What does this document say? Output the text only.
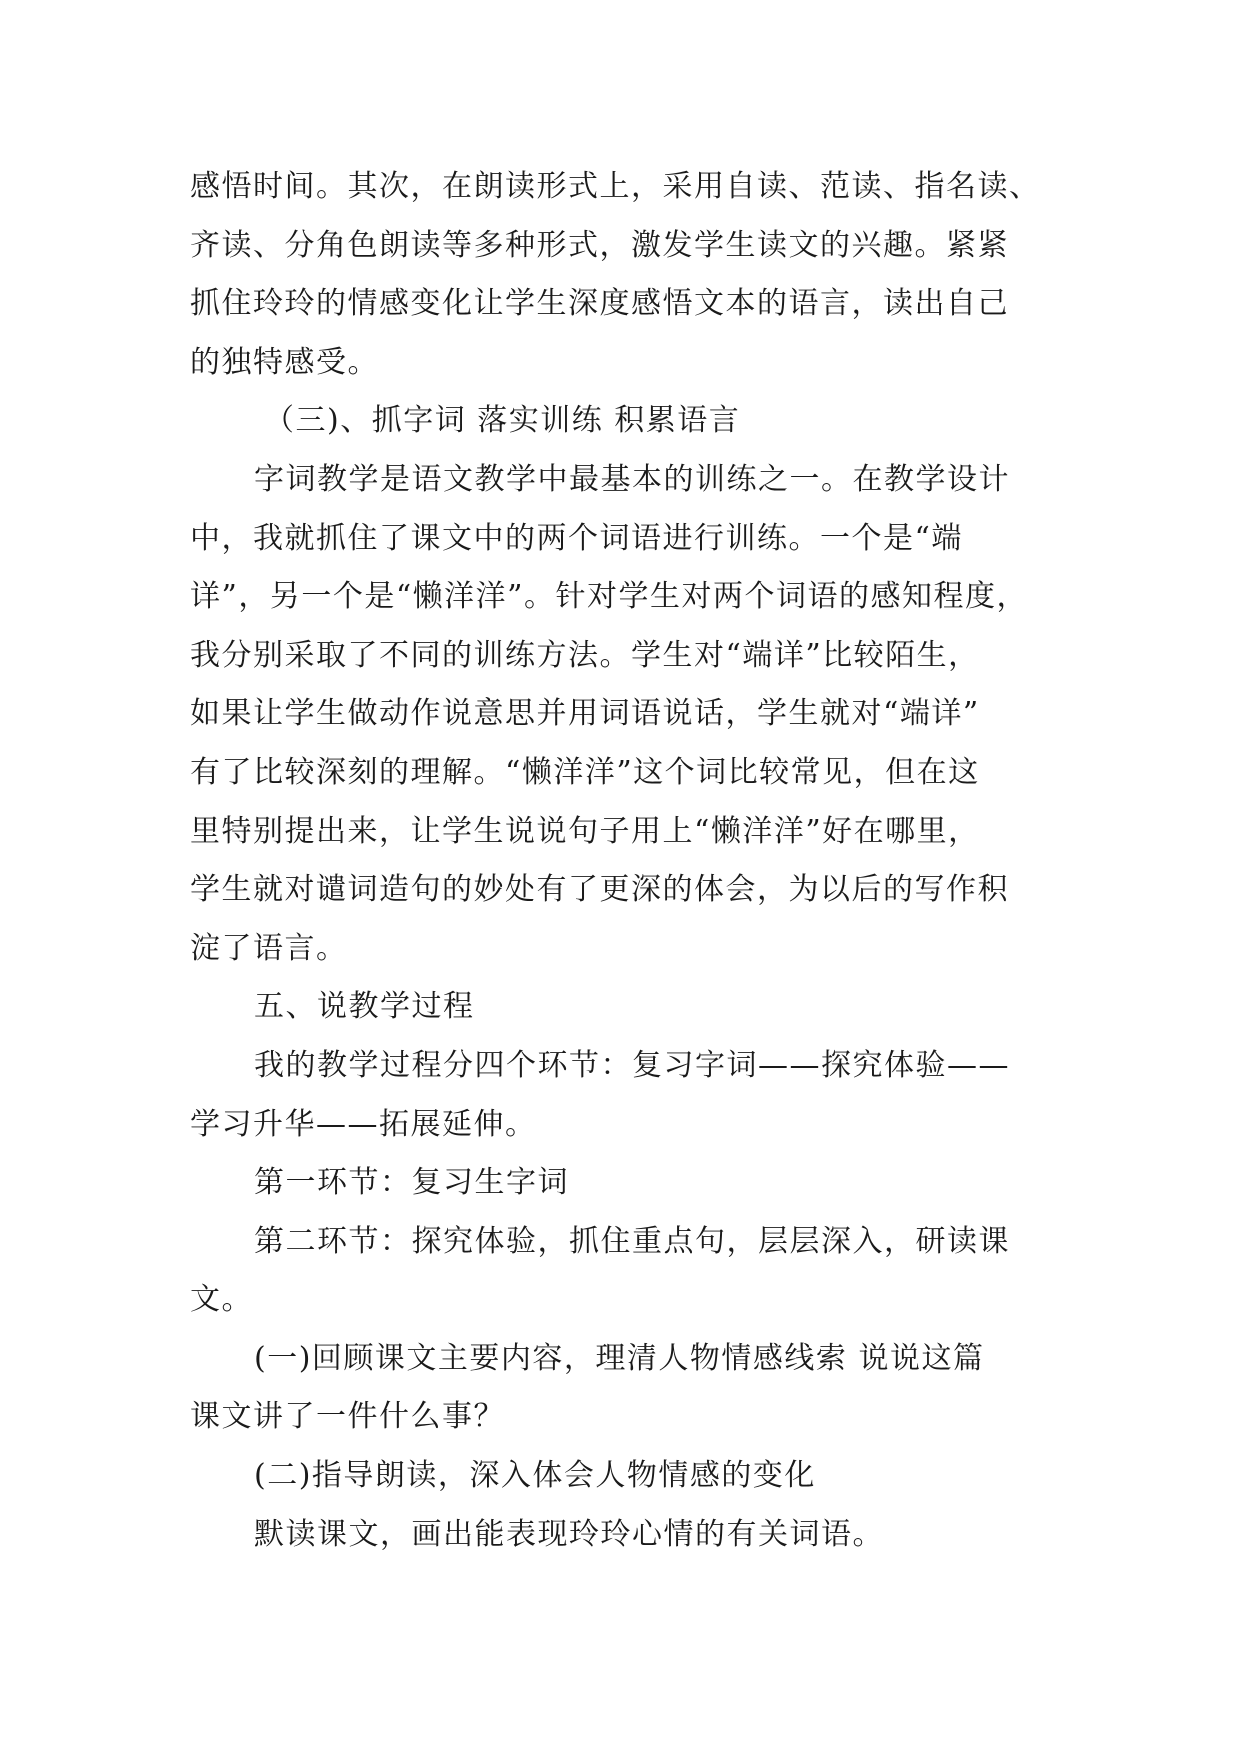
感悟时间。其次，在朗读形式上，采用自读、范读、指名读、
齐读、分角色朗读等多种形式，激发学生读文的兴趣。紧紧
抓住玲玲的情感变化让学生深度感悟文本的语言，读出自己
的独特感受。
（三)、抓字词 落实训练 积累语言
字词教学是语文教学中最基本的训练之一。在教学设计
中，我就抓住了课文中的两个词语进行训练。一个是“端
详”，另一个是“懒洋洋”。针对学生对两个词语的感知程度，
我分别采取了不同的训练方法。学生对“端详”比较陌生，
如果让学生做动作说意思并用词语说话，学生就对“端详”
有了比较深刻的理解。“懒洋洋”这个词比较常见，但在这
里特别提出来，让学生说说句子用上“懒洋洋”好在哪里，
学生就对谴词造句的妙处有了更深的体会，为以后的写作积
淀了语言。
五、说教学过程
我的教学过程分四个环节：复习字词——探究体验——
学习升华——拓展延伸。
第一环节：复习生字词
第二环节：探究体验，抓住重点句，层层深入，研读课
文。
(一)回顾课文主要内容，理清人物情感线索 说说这篇
课文讲了一件什么事？
(二)指导朗读，深入体会人物情感的变化
默读课文，画出能表现玲玲心情的有关词语。
